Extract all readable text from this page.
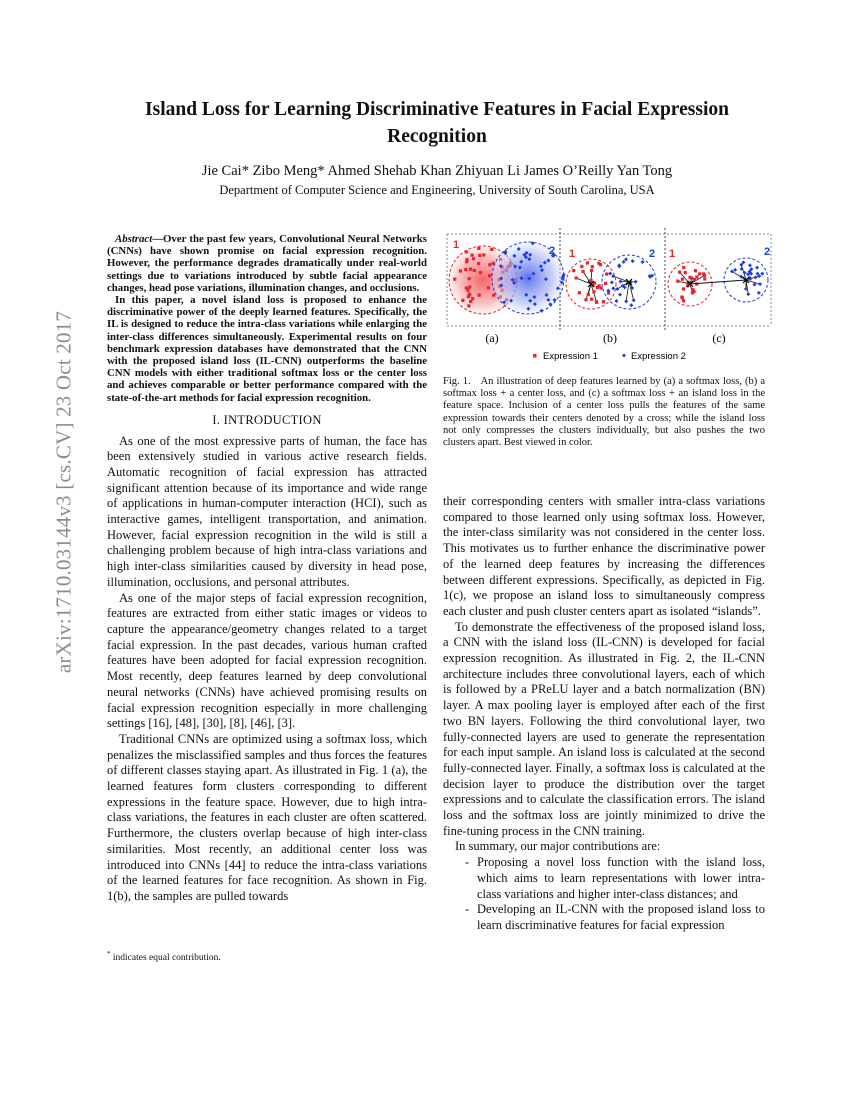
arXiv:1710.03144v3 [cs.CV] 23 Oct 2017
Island Loss for Learning Discriminative Features in Facial Expression Recognition
Jie Cai* Zibo Meng* Ahmed Shehab Khan Zhiyuan Li James O’Reilly Yan Tong
Department of Computer Science and Engineering, University of South Carolina, USA

Abstract—Over the past few years, Convolutional Neural Networks (CNNs) have shown promise on facial expression recognition. However, the performance degrades dramatically under real-world settings due to variations introduced by subtle facial appearance changes, head pose variations, illumination changes, and occlusions.

In this paper, a novel island loss is proposed to enhance the discriminative power of the deeply learned features. Specifically, the IL is designed to reduce the intra-class variations while enlarging the inter-class differences simultaneously. Experimental results on four benchmark expression databases have demonstrated that the CNN with the proposed island loss (IL-CNN) outperforms the baseline CNN models with either traditional softmax loss or the center loss and achieves comparable or better performance compared with the state-of-the-art methods for facial expression recognition.

I. INTRODUCTION

As one of the most expressive parts of human, the face has been extensively studied in various active research fields. Automatic recognition of facial expression has attracted significant attention because of its importance and wide range of applications in human-computer interaction (HCI), such as interactive games, intelligent transportation, and animation. However, facial expression recognition in the wild is still a challenging problem because of high intra-class variations and high inter-class similarities caused by diversity in head pose, illumination, occlusions, and personal attributes.

As one of the major steps of facial expression recognition, features are extracted from either static images or videos to capture the appearance/geometry changes related to a target facial expression. In the past decades, various human crafted features have been adopted for facial expression recognition. Most recently, deep features learned by deep convolutional neural networks (CNNs) have achieved promising results on facial expression recognition especially in more challenging settings [16], [48], [30], [8], [46], [3].

Traditional CNNs are optimized using a softmax loss, which penalizes the misclassified samples and thus forces the features of different classes staying apart. As illustrated in Fig. 1 (a), the learned features form clusters corresponding to different expressions in the feature space. However, due to high intra-class variations, the features in each cluster are often scattered. Furthermore, the clusters overlap because of high inter-class similarities. Most recently, an additional center loss was introduced into CNNs [44] to reduce the intra-class variations of the learned features for face recognition. As shown in Fig. 1(b), the samples are pulled towards

* indicates equal contribution.
1	2 1	2 1	2
(a)	(b)	(c)
Expression 1	Expression 2
Fig. 1. An illustration of deep features learned by (a) a softmax loss, (b) a softmax loss + a center loss, and (c) a softmax loss + an island loss in the feature space. Inclusion of a center loss pulls the features of the same expression towards their centers denoted by a cross; while the island loss not only compresses the clusters individually, but also pushes the two clusters apart. Best viewed in color.

their corresponding centers with smaller intra-class variations compared to those learned only using softmax loss. However, the inter-class similarity was not considered in the center loss. This motivates us to further enhance the discriminative power of the learned deep features by increasing the differences between different expressions. Specifically, as depicted in Fig. 1(c), we propose an island loss to simultaneously compress each cluster and push cluster centers apart as isolated “islands”.

To demonstrate the effectiveness of the proposed island loss, a CNN with the island loss (IL-CNN) is developed for facial expression recognition. As illustrated in Fig. 2, the IL-CNN architecture includes three convolutional layers, each of which is followed by a PReLU layer and a batch normalization (BN) layer. A max pooling layer is employed after each of the first two BN layers. Following the third convolutional layer, two fully-connected layers are used to generate the representation for each input sample. An island loss is calculated at the second fully-connected layer. Finally, a softmax loss is calculated at the decision layer to produce the distribution over the target expressions and to calculate the classification errors. The island loss and the softmax loss are jointly minimized to drive the fine-tuning process in the CNN training.

In summary, our major contributions are:

- Proposing a novel loss function with the island loss, which aims to learn representations with lower intra-class variations and higher inter-class distances; and
- Developing an IL-CNN with the proposed island loss to learn discriminative features for facial expression
